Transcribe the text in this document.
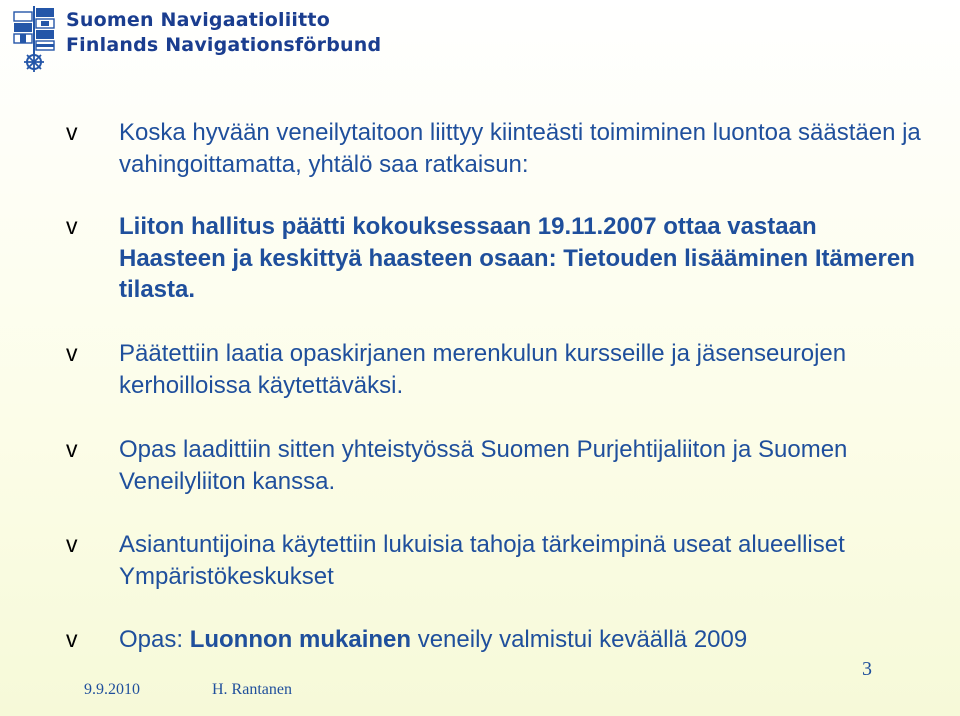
Suomen Navigaatioliitto
Finlands Navigationsförbund
v	Koska hyvään veneilytaitoon liittyy kiinteästi toimiminen luontoa säästäen ja vahingoittamatta, yhtälö saa ratkaisun:
v	Liiton hallitus päätti kokouksessaan 19.11.2007 ottaa vastaan Haasteen ja keskittyä haasteen osaan: Tietouden lisääminen Itämeren tilasta.
v	Päätettiin laatia opaskirjanen merenkulun kursseille ja jäsenseurojen kerhoilloissa käytettäväksi.
v	Opas laadittiin sitten yhteistyössä Suomen Purjehtijaliiton ja Suomen Veneilyliiton kanssa.
v	Asiantuntijoina käytettiin lukuisia tahoja tärkeimpinä useat alueelliset Ympäristökeskukset
v	Opas: Luonnon mukainen veneily valmistui keväällä 2009
9.9.2010	H. Rantanen
3
